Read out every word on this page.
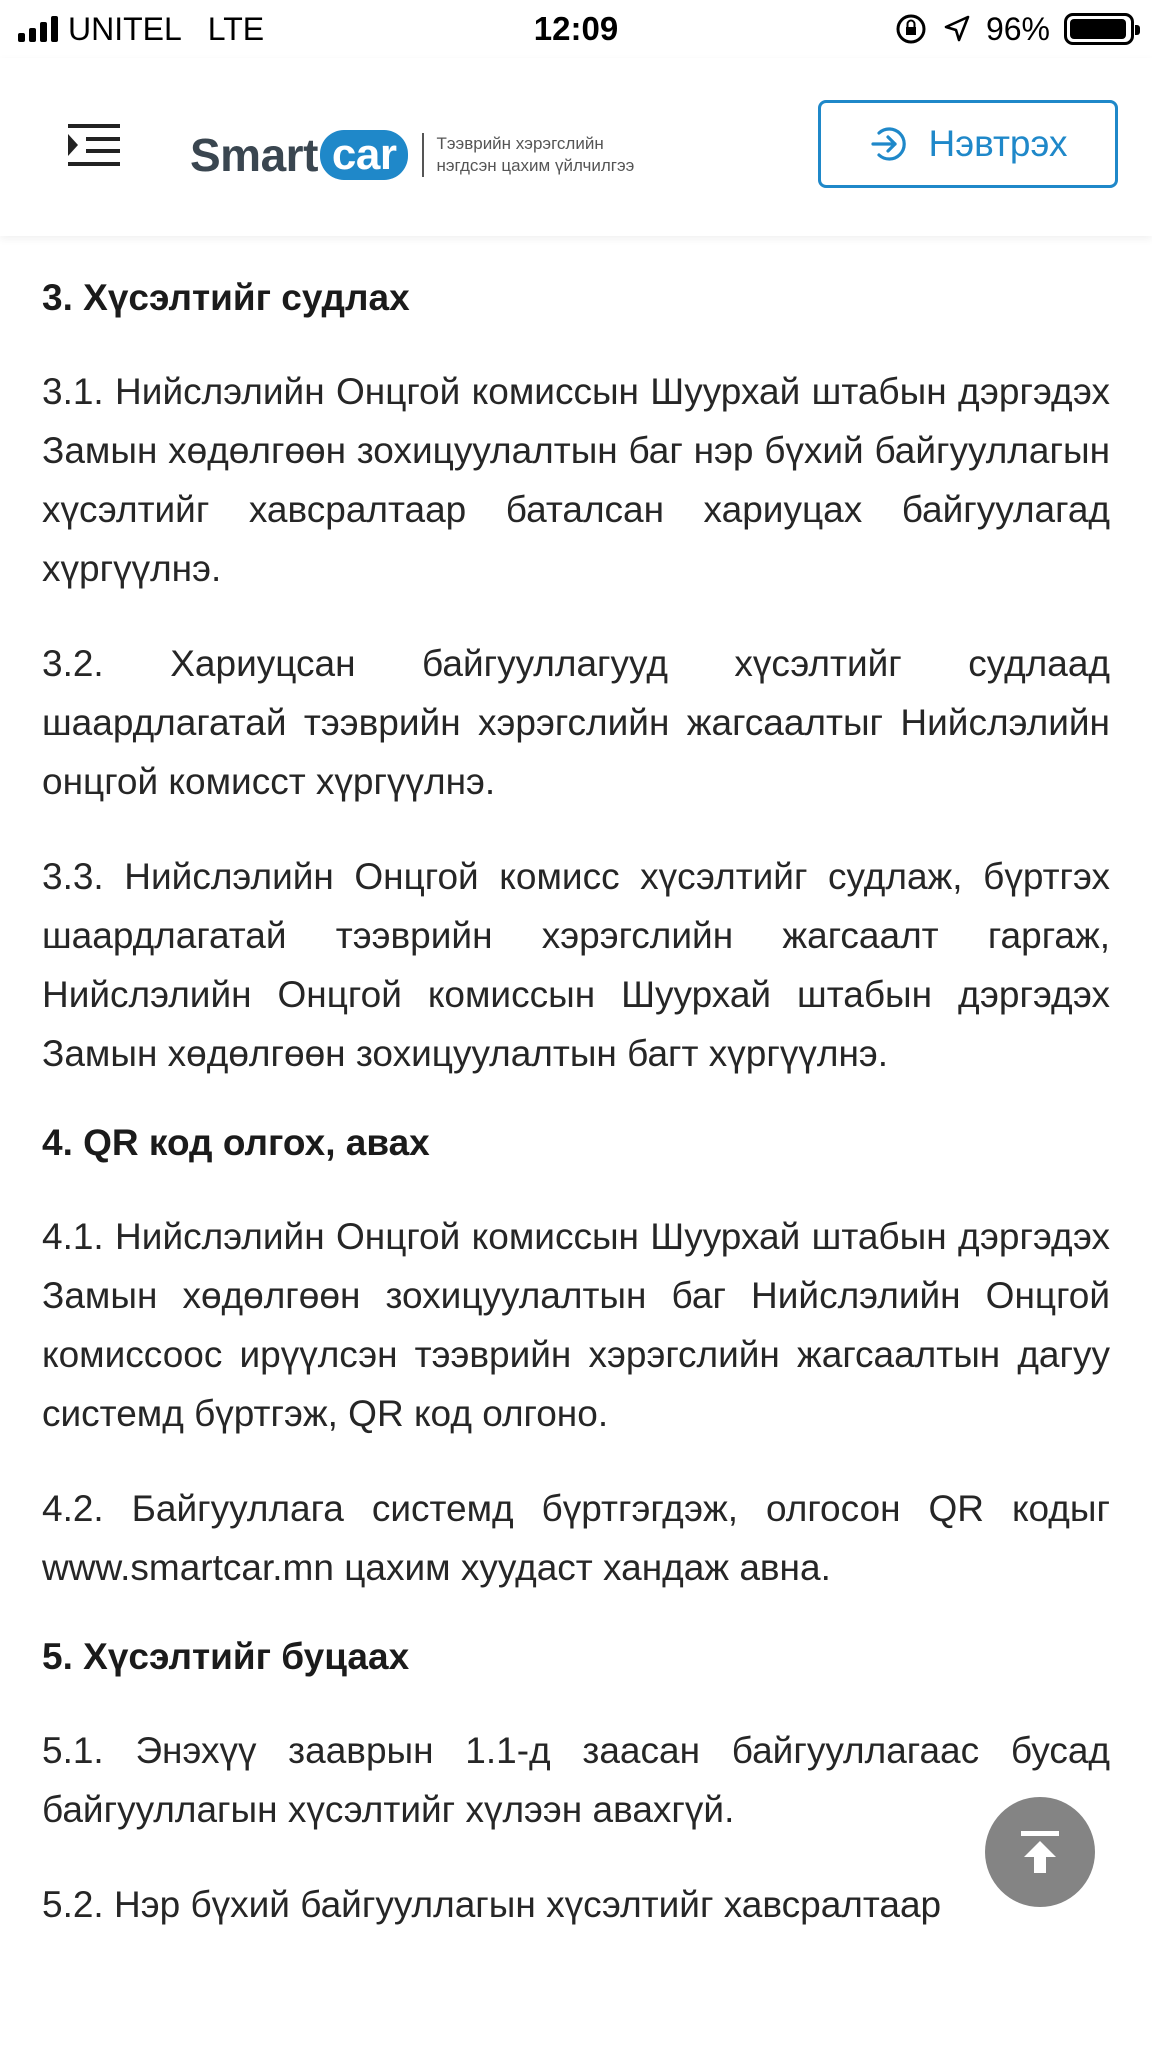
UNITEL LTE	12:09	96%
Smart car	Тээврийн хэрэгслийн нэгдсэн цахим үйлчилгээ
Нэвтрэх
3. Хүсэлтийг судлах

3.1. Нийслэлийн Онцгой комиссын Шуурхай штабын дэргэдэх Замын хөдөлгөөн зохицуулалтын баг нэр бүхий байгууллагын хүсэлтийг хавсралтаар баталсан хариуцах байгуулагад хүргүүлнэ.

3.2. Хариуцсан байгууллагууд хүсэлтийг судлаад шаардлагатай тээврийн хэрэгслийн жагсаалтыг Нийслэлийн онцгой комисст хүргүүлнэ.

3.3. Нийслэлийн Онцгой комисс хүсэлтийг судлаж, бүртгэх шаардлагатай тээврийн хэрэгслийн жагсаалт гаргаж, Нийслэлийн Онцгой комиссын Шуурхай штабын дэргэдэх Замын хөдөлгөөн зохицуулалтын багт хүргүүлнэ.

4. QR код олгох, авах

4.1. Нийслэлийн Онцгой комиссын Шуурхай штабын дэргэдэх Замын хөдөлгөөн зохицуулалтын баг Нийслэлийн Онцгой комиссоос ирүүлсэн тээврийн хэрэгслийн жагсаалтын дагуу системд бүртгэж, QR код олгоно.

4.2. Байгууллага системд бүртгэгдэж, олгосон QR кодыг www.smartcar.mn цахим хуудаст хандаж авна.

5. Хүсэлтийг буцаах

5.1. Энэхүү зааврын 1.1-д заасан байгууллагаас бусад байгууллагын хүсэлтийг хүлээн авахгүй.

5.2. Нэр бүхий байгууллагын хүсэлтийг хавсралтаар
